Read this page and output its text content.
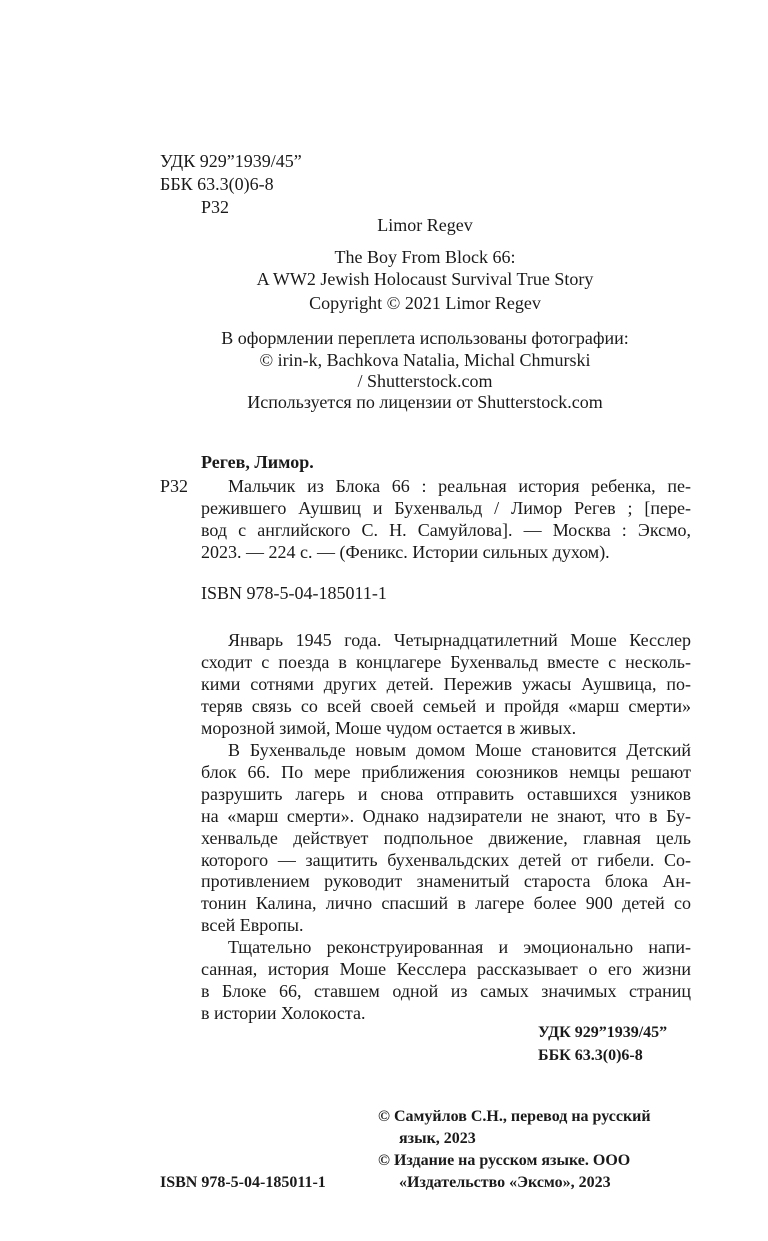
УДК 929”1939/45”
ББК 63.3(0)6-8
Р32
Limor Regev
The Boy From Block 66:
A WW2 Jewish Holocaust Survival True Story
Copyright © 2021 Limor Regev
В оформлении переплета использованы фотографии:
© irin-k, Bachkova Natalia, Michal Chmurski
/ Shutterstock.com
Используется по лицензии от Shutterstock.com
Регев, Лимор.
Р32	Мальчик из Блока 66 : реальная история ребенка, пе-
режившего Аушвиц и Бухенвальд / Лимор Регев ; [пере-
вод с английского С. Н. Самуйлова]. — Москва : Эксмо,
2023. — 224 с. — (Феникс. Истории сильных духом).
ISBN 978-5-04-185011-1
Январь 1945 года. Четырнадцатилетний Моше Кесслер
сходит с поезда в концлагере Бухенвальд вместе с несколь-
кими сотнями других детей. Пережив ужасы Аушвица, по-
теряв связь со всей своей семьей и пройдя «марш смерти»
морозной зимой, Моше чудом остается в живых.
В Бухенвальде новым домом Моше становится Детский
блок 66. По мере приближения союзников немцы решают
разрушить лагерь и снова отправить оставшихся узников
на «марш смерти». Однако надзиратели не знают, что в Бу-
хенвальде действует подпольное движение, главная цель
которого — защитить бухенвальдских детей от гибели. Со-
противлением руководит знаменитый староста блока Ан-
тонин Калина, лично спасший в лагере более 900 детей со
всей Европы.
Тщательно реконструированная и эмоционально напи-
санная, история Моше Кесслера рассказывает о его жизни
в Блоке 66, ставшем одной из самых значимых страниц
в истории Холокоста.
УДК 929”1939/45”
ББК 63.3(0)6-8
© Самуйлов С.Н., перевод на русский
язык, 2023
© Издание на русском языке. ООО
«Издательство «Эксмо», 2023
ISBN 978-5-04-185011-1
